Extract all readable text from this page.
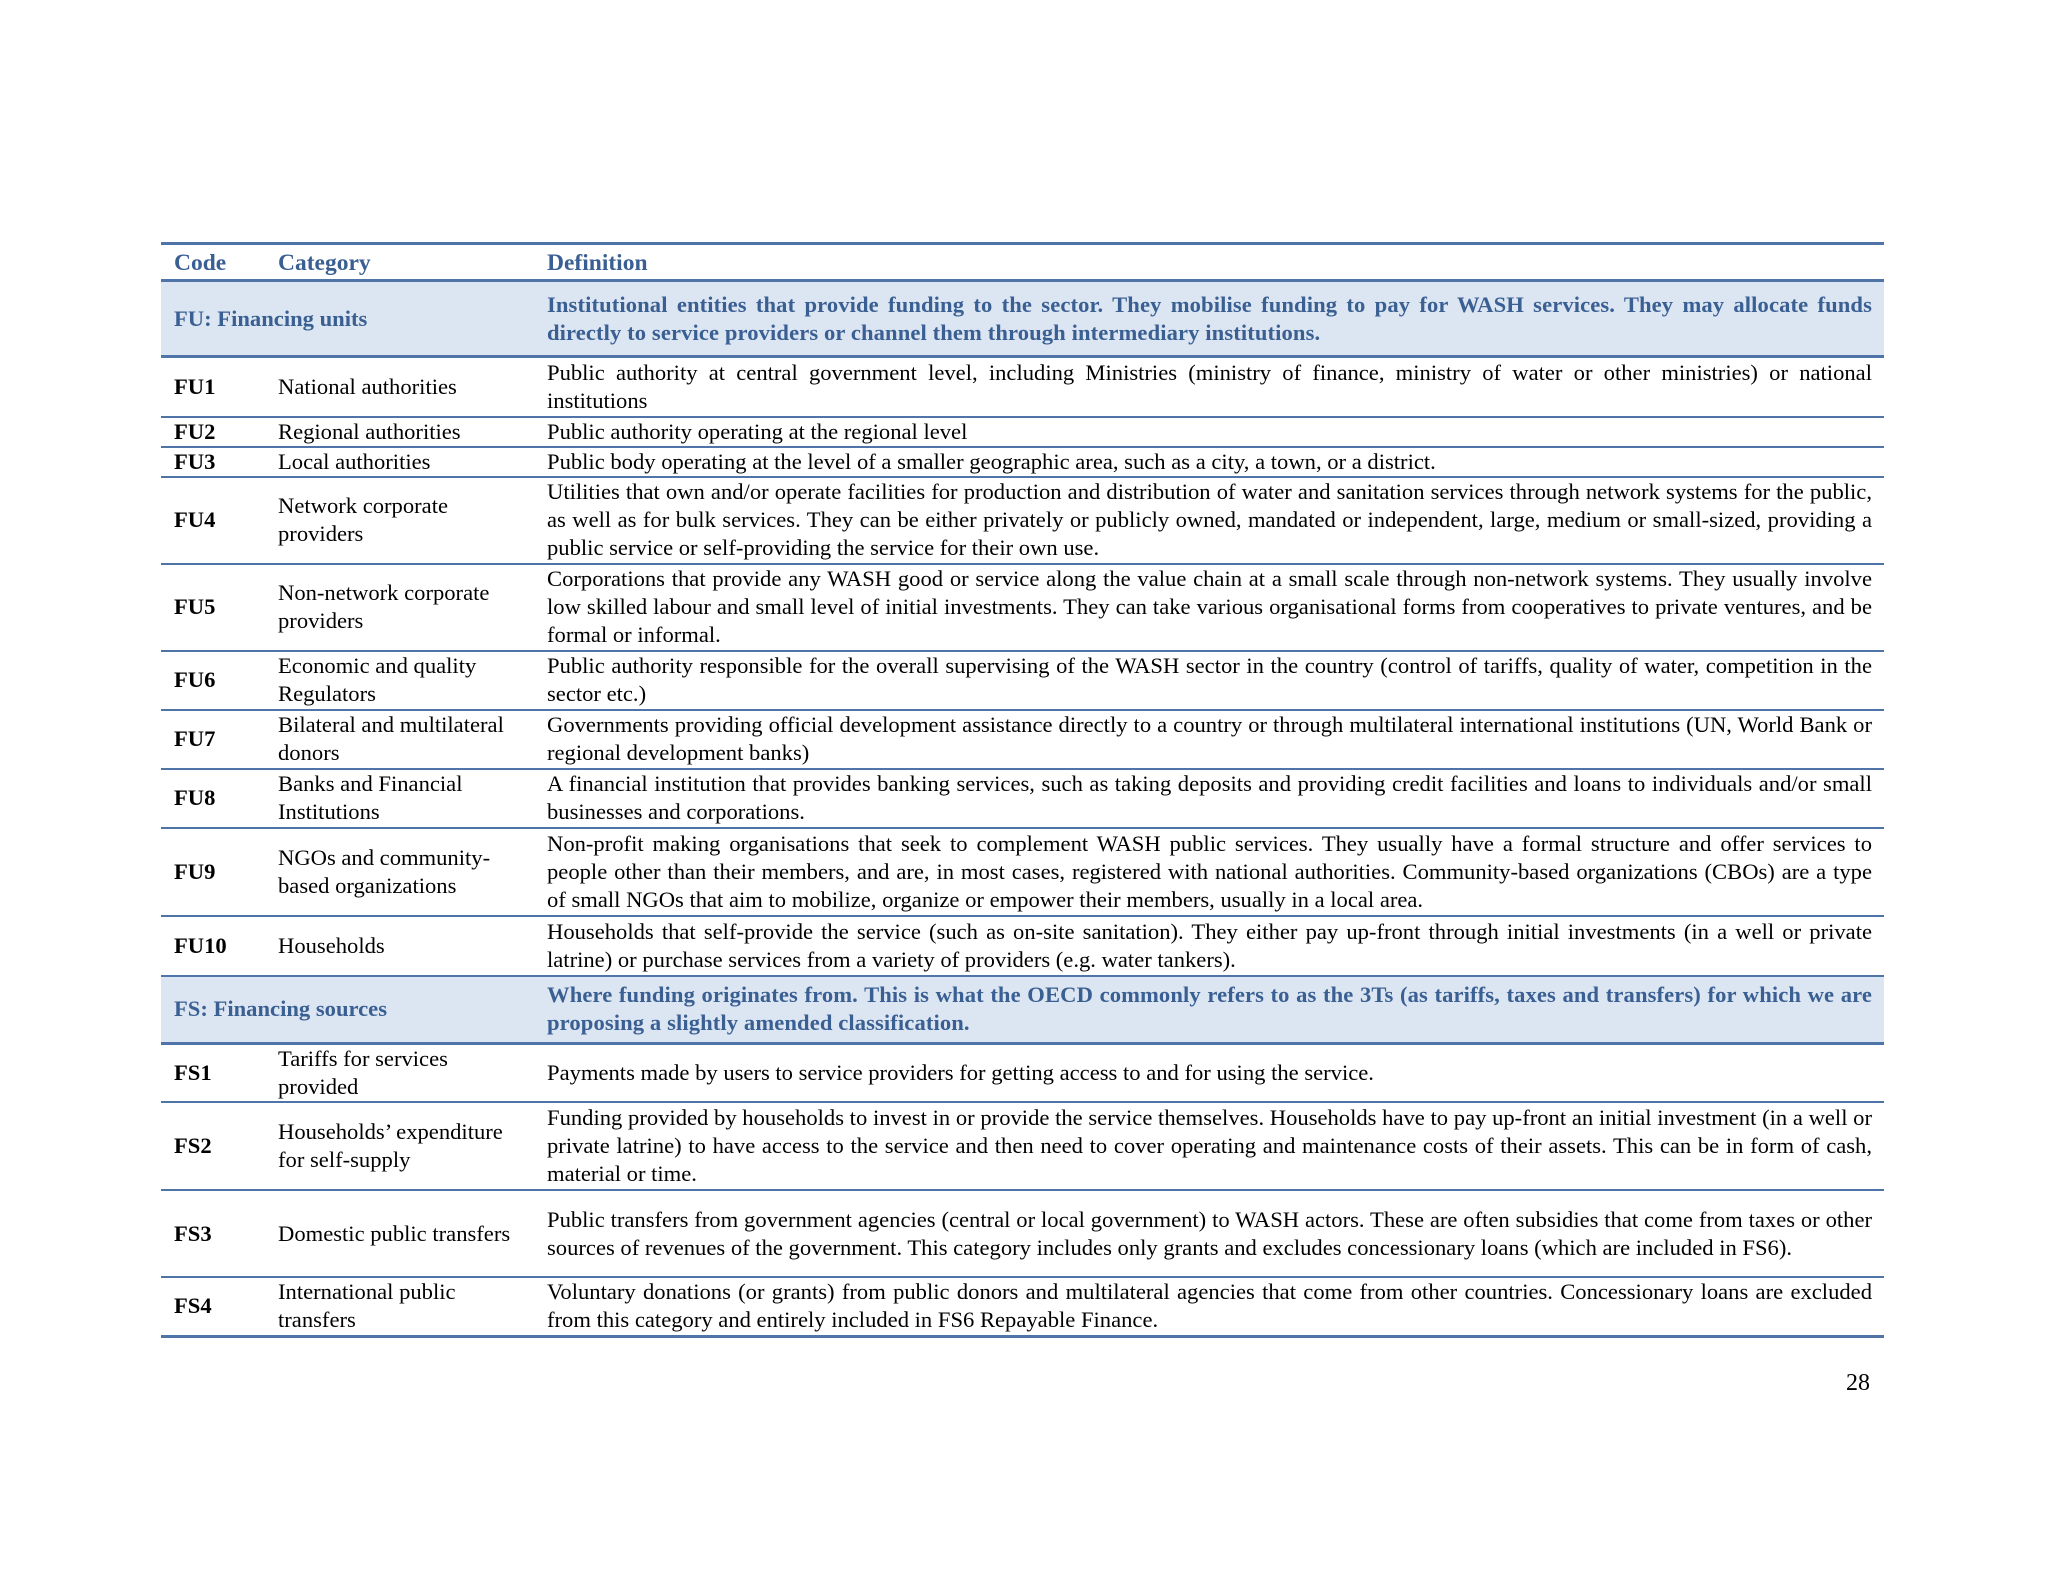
Code	Category	Definition
FU: Financing units		Institutional entities that provide funding to the sector. They mobilise funding to pay for WASH services. They may allocate funds directly to service providers or channel them through intermediary institutions.
FU1	National authorities	Public authority at central government level, including Ministries (ministry of finance, ministry of water or other ministries) or national institutions
FU2	Regional authorities	Public authority operating at the regional level
FU3	Local authorities	Public body operating at the level of a smaller geographic area, such as a city, a town, or a district.
FU4	Network corporate providers	Utilities that own and/or operate facilities for production and distribution of water and sanitation services through network systems for the public, as well as for bulk services. They can be either privately or publicly owned, mandated or independent, large, medium or small-sized, providing a public service or self-providing the service for their own use.
FU5	Non-network corporate providers	Corporations that provide any WASH good or service along the value chain at a small scale through non-network systems. They usually involve low skilled labour and small level of initial investments. They can take various organisational forms from cooperatives to private ventures, and be formal or informal.
FU6	Economic and quality Regulators	Public authority responsible for the overall supervising of the WASH sector in the country (control of tariffs, quality of water, competition in the sector etc.)
FU7	Bilateral and multilateral donors	Governments providing official development assistance directly to a country or through multilateral international institutions (UN, World Bank or regional development banks)
FU8	Banks and Financial Institutions	A financial institution that provides banking services, such as taking deposits and providing credit facilities and loans to individuals and/or small businesses and corporations.
FU9	NGOs and community-based organizations	Non-profit making organisations that seek to complement WASH public services. They usually have a formal structure and offer services to people other than their members, and are, in most cases, registered with national authorities. Community-based organizations (CBOs) are a type of small NGOs that aim to mobilize, organize or empower their members, usually in a local area.
FU10	Households	Households that self-provide the service (such as on-site sanitation). They either pay up-front through initial investments (in a well or private latrine) or purchase services from a variety of providers (e.g. water tankers).
FS: Financing sources		Where funding originates from. This is what the OECD commonly refers to as the 3Ts (as tariffs, taxes and transfers) for which we are proposing a slightly amended classification.
FS1	Tariffs for services provided	Payments made by users to service providers for getting access to and for using the service.
FS2	Households’ expenditure for self-supply	Funding provided by households to invest in or provide the service themselves. Households have to pay up-front an initial investment (in a well or private latrine) to have access to the service and then need to cover operating and maintenance costs of their assets. This can be in form of cash, material or time.
FS3	Domestic public transfers	Public transfers from government agencies (central or local government) to WASH actors. These are often subsidies that come from taxes or other sources of revenues of the government. This category includes only grants and excludes concessionary loans (which are included in FS6).
FS4	International public transfers	Voluntary donations (or grants) from public donors and multilateral agencies that come from other countries. Concessionary loans are excluded from this category and entirely included in FS6 Repayable Finance.
28
